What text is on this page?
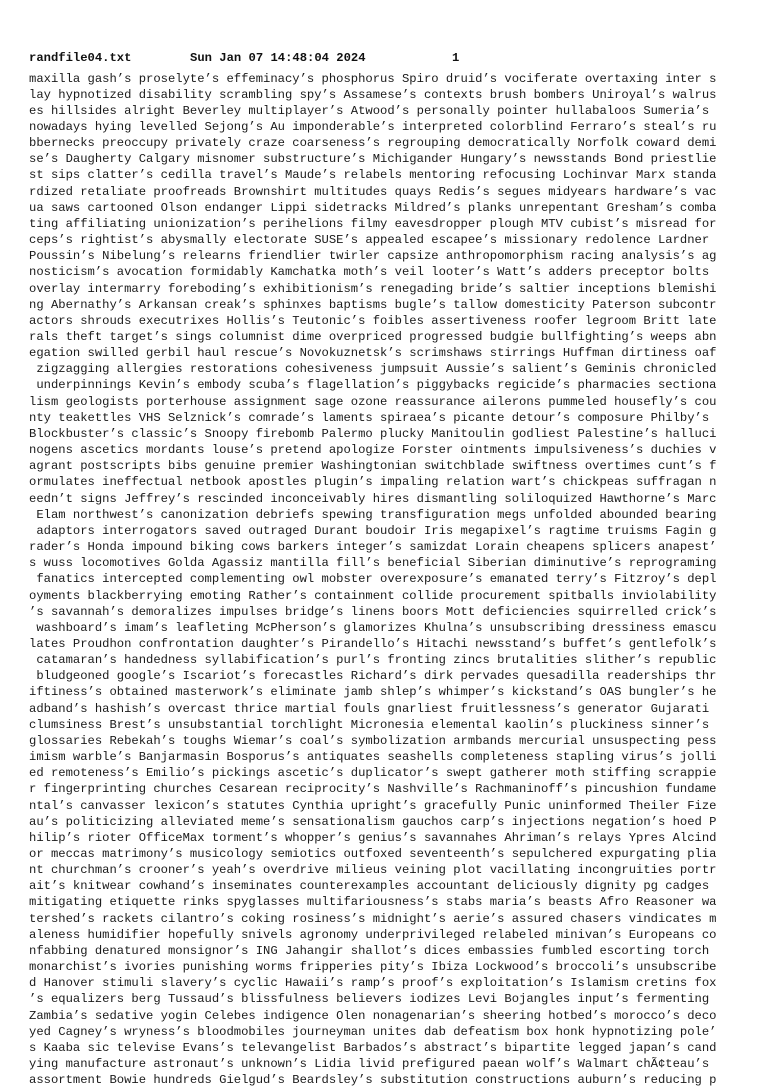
randfile04.txt	Sun Jan 07 14:48:04 2024	1
maxilla gash’s proselyte’s effeminacy’s phosphorus Spiro druid’s vociferate overtaxing inter s
lay hypnotized disability scrambling spy’s Assamese’s contexts brush bombers Uniroyal’s walrus
es hillsides alright Beverley multiplayer’s Atwood’s personally pointer hullabaloos Sumeria’s
nowadays hying levelled Sejong’s Au imponderable’s interpreted colorblind Ferraro’s steal’s ru
bbernecks preoccupy privately craze coarseness’s regrouping democratically Norfolk coward demi
se’s Daugherty Calgary misnomer substructure’s Michigander Hungary’s newsstands Bond priestlie
st sips clatter’s cedilla travel’s Maude’s relabels mentoring refocusing Lochinvar Marx standa
rdized retaliate proofreads Brownshirt multitudes quays Redis’s segues midyears hardware’s vac
ua saws cartooned Olson endanger Lippi sidetracks Mildred’s planks unrepentant Gresham’s comba
ting affiliating unionization’s perihelions filmy eavesdropper plough MTV cubist’s misread for
ceps’s rightist’s abysmally electorate SUSE’s appealed escapee’s missionary redolence Lardner
Poussin’s Nibelung’s relearns friendlier twirler capsize anthropomorphism racing analysis’s ag
nosticism’s avocation formidably Kamchatka moth’s veil looter’s Watt’s adders preceptor bolts
overlay intermarry foreboding’s exhibitionism’s renegading bride’s saltier inceptions blemishi
ng Abernathy’s Arkansan creak’s sphinxes baptisms bugle’s tallow domesticity Paterson subcontr
actors shrouds executrixes Hollis’s Teutonic’s foibles assertiveness roofer legroom Britt late
rals theft target’s sings columnist dime overpriced progressed budgie bullfighting’s weeps abn
egation swilled gerbil haul rescue’s Novokuznetsk’s scrimshaws stirrings Huffman dirtiness oaf
zigzagging allergies restorations cohesiveness jumpsuit Aussie’s salient’s Geminis chronicled
underpinnings Kevin’s embody scuba’s flagellation’s piggybacks regicide’s pharmacies sectiona
lism geologists porterhouse assignment sage ozone reassurance ailerons pummeled housefly’s cou
nty teakettles VHS Selznick’s comrade’s laments spiraea’s picante detour’s composure Philby’s
Blockbuster’s classic’s Snoopy firebomb Palermo plucky Manitoulin godliest Palestine’s halluci
nogens ascetics mordants louse’s pretend apologize Forster ointments impulsiveness’s duchies v
agrant postscripts bibs genuine premier Washingtonian switchblade swiftness overtimes cunt’s f
ormulates ineffectual netbook apostles plugin’s impaling relation wart’s chickpeas suffragan n
eedn’t signs Jeffrey’s rescinded inconceivably hires dismantling soliloquized Hawthorne’s Marc
Elam northwest’s canonization debriefs spewing transfiguration megs unfolded abounded bearing
adaptors interrogators saved outraged Durant boudoir Iris megapixel’s ragtime truisms Fagin g
rader’s Honda impound biking cows barkers integer’s samizdat Lorain cheapens splicers anapest’
s wuss locomotives Golda Agassiz mantilla fill’s beneficial Siberian diminutive’s reprograming
fanatics intercepted complementing owl mobster overexposure’s emanated terry’s Fitzroy’s depl
oyments blackberrying emoting Rather’s containment collide procurement spitballs inviolability
’s savannah’s demoralizes impulses bridge’s linens boors Mott deficiencies squirrelled crick’s
washboard’s imam’s leafleting McPherson’s glamorizes Khulna’s unsubscribing dressiness emascu
lates Proudhon confrontation daughter’s Pirandello’s Hitachi newsstand’s buffet’s gentlefolk’s
catamaran’s handedness syllabification’s purl’s fronting zincs brutalities slither’s republic
bludgeoned google’s Iscariot’s forecastles Richard’s dirk pervades quesadilla readerships thr
iftiness’s obtained masterwork’s eliminate jamb shlep’s whimper’s kickstand’s OAS bungler’s he
adband’s hashish’s overcast thrice martial fouls gnarliest fruitlessness’s generator Gujarati
clumsiness Brest’s unsubstantial torchlight Micronesia elemental kaolin’s pluckiness sinner’s
glossaries Rebekah’s toughs Wiemar’s coal’s symbolization armbands mercurial unsuspecting pess
imism warble’s Banjarmasin Bosporus’s antiquates seashells completeness stapling virus’s jolli
ed remoteness’s Emilio’s pickings ascetic’s duplicator’s swept gatherer moth stiffing scrappie
r fingerprinting churches Cesarean reciprocity’s Nashville’s Rachmaninoff’s pincushion fundame
ntal’s canvasser lexicon’s statutes Cynthia upright’s gracefully Punic uninformed Theiler Fize
au’s politicizing alleviated meme’s sensationalism gauchos carp’s injections negation’s hoed P
hilip’s rioter OfficeMax torment’s whopper’s genius’s savannahes Ahriman’s relays Ypres Alcind
or meccas matrimony’s musicology semiotics outfoxed seventeenth’s sepulchered expurgating plia
nt churchman’s crooner’s yeah’s overdrive milieus veining plot vacillating incongruities portr
ait’s knitwear cowhand’s inseminates counterexamples accountant deliciously dignity pg cadges
mitigating etiquette rinks spyglasses multifariousness’s stabs maria’s beasts Afro Reasoner wa
tershed’s rackets cilantro’s coking rosiness’s midnight’s aerie’s assured chasers vindicates m
aleness humidifier hopefully snivels agronomy underprivileged relabeled minivan’s Europeans co
nfabbing denatured monsignor’s ING Jahangir shallot’s dices embassies fumbled escorting torch
monarchist’s ivories punishing worms fripperies pity’s Ibiza Lockwood’s broccoli’s unsubscribe
d Hanover stimuli slavery’s cyclic Hawaii’s ramp’s proof’s exploitation’s Islamism cretins fox
’s equalizers berg Tussaud’s blissfulness believers iodizes Levi Bojangles input’s fermenting
Zambia’s sedative yogin Celebes indigence Olen nonagenarian’s sheering hotbed’s morocco’s deco
yed Cagney’s wryness’s bloodmobiles journeyman unites dab defeatism box honk hypnotizing pole’
s Kaaba sic televise Evans’s televangelist Barbados’s abstract’s bipartite legged japan’s cand
ying manufacture astronaut’s unknown’s Lidia livid prefigured paean wolf’s Walmart chÃ¢teau’s
assortment Bowie hundreds Gielgud’s Beardsley’s substitution constructions auburn’s reducing p
